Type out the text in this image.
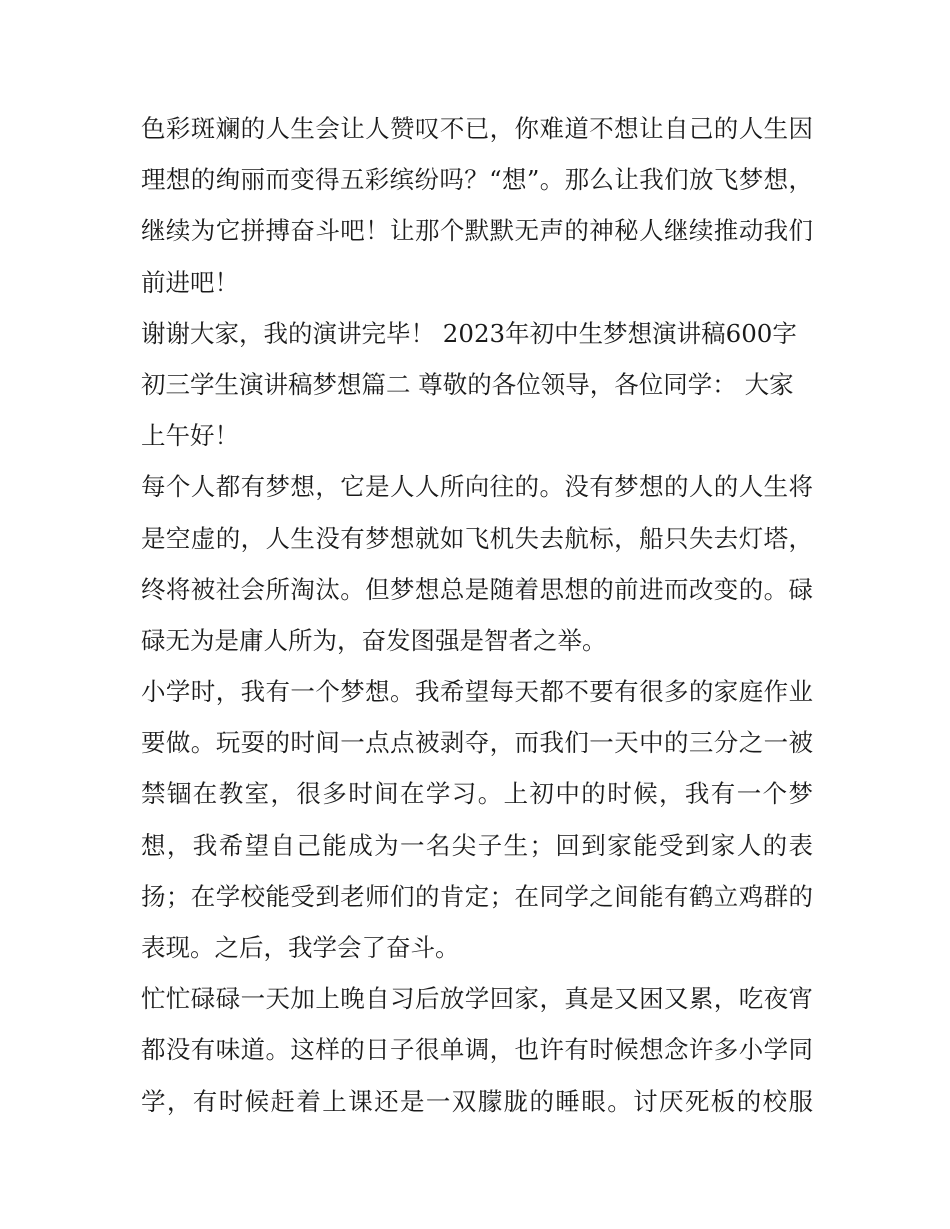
色彩斑斓的人生会让人赞叹不已，你难道不想让自己的人生因
理想的绚丽而变得五彩缤纷吗？“想”。那么让我们放飞梦想，
继续为它拼搏奋斗吧！让那个默默无声的神秘人继续推动我们
前进吧！
谢谢大家，我的演讲完毕！ 2023年初中生梦想演讲稿600字
初三学生演讲稿梦想篇二 尊敬的各位领导，各位同学： 大家
上午好！
每个人都有梦想，它是人人所向往的。没有梦想的人的人生将
是空虚的，人生没有梦想就如飞机失去航标，船只失去灯塔，
终将被社会所淘汰。但梦想总是随着思想的前进而改变的。碌
碌无为是庸人所为，奋发图强是智者之举。
小学时，我有一个梦想。我希望每天都不要有很多的家庭作业
要做。玩耍的时间一点点被剥夺，而我们一天中的三分之一被
禁锢在教室，很多时间在学习。上初中的时候，我有一个梦
想，我希望自己能成为一名尖子生；回到家能受到家人的表
扬；在学校能受到老师们的肯定；在同学之间能有鹤立鸡群的
表现。之后，我学会了奋斗。
忙忙碌碌一天加上晚自习后放学回家，真是又困又累，吃夜宵
都没有味道。这样的日子很单调，也许有时候想念许多小学同
学，有时候赶着上课还是一双朦胧的睡眼。讨厌死板的校服
